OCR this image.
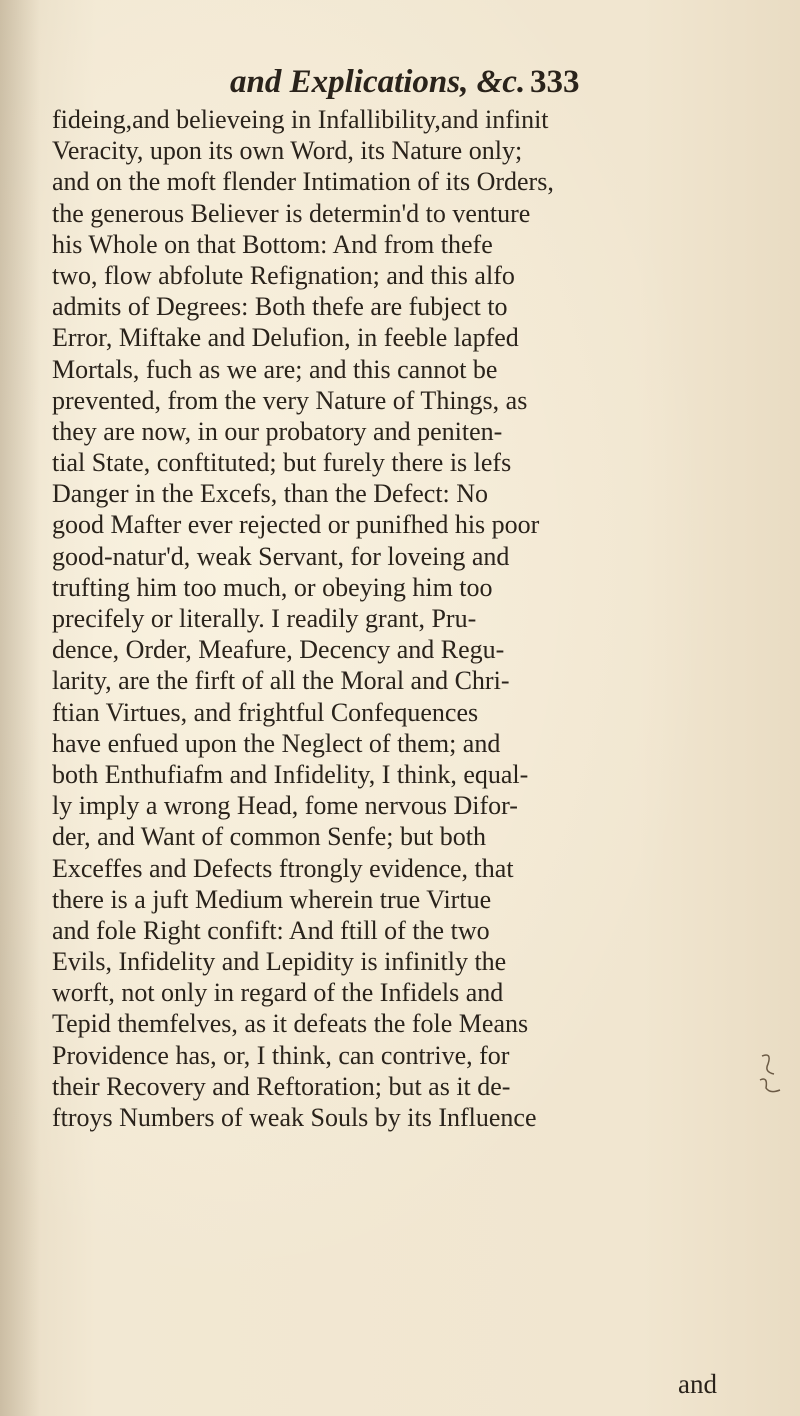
and Explications, &c. 333
fideing,and believeing in Infallibility,and infinit
Veracity, upon its own Word, its Nature only;
and on the moft flender Intimation of its Orders,
the generous Believer is determin'd to venture
his Whole on that Bottom: And from thefe
two, flow abfolute Refignation; and this alfo
admits of Degrees: Both thefe are fubject to
Error, Miftake and Delufion, in feeble lapfed
Mortals, fuch as we are; and this cannot be
prevented, from the very Nature of Things, as
they are now, in our probatory and peniten-
tial State, conftituted; but furely there is lefs
Danger in the Excefs, than the Defect: No
good Mafter ever rejected or punifhed his poor
good-natur'd, weak Servant, for loveing and
trufting him too much, or obeying him too
precifely or literally. I readily grant, Pru-
dence, Order, Meafure, Decency and Regu-
larity, are the firft of all the Moral and Chri-
ftian Virtues, and frightful Confequences
have enfued upon the Neglect of them; and
both Enthufiafm and Infidelity, I think, equal-
ly imply a wrong Head, fome nervous Difor-
der, and Want of common Senfe; but both
Exceffes and Defects ftrongly evidence, that
there is a juft Medium wherein true Virtue
and fole Right confift: And ftill of the two
Evils, Infidelity and Lepidity is infinitly the
worft, not only in regard of the Infidels and
Tepid themfelves, as it defeats the fole Means
Providence has, or, I think, can contrive, for
their Recovery and Reftoration; but as it de-
ftroys Numbers of weak Souls by its Influence
and
